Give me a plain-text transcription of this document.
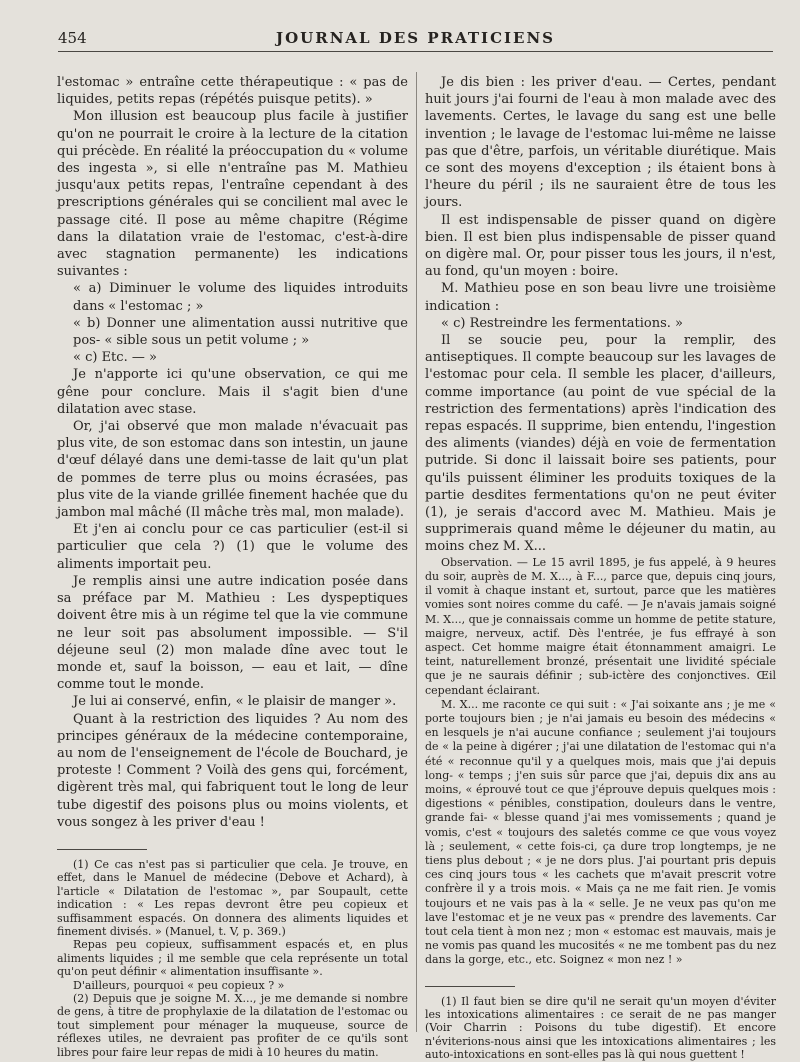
454	JOURNAL DES PRATICIENS

l'estomac » entraîne cette thérapeutique : « pas de liquides, petits repas (répétés puisque petits). »

Mon illusion est beaucoup plus facile à justifier qu'on ne pourrait le croire à la lecture de la citation qui précède. En réalité la préoccupation du « volume des ingesta », si elle n'entraîne pas M. Mathieu jusqu'aux petits repas, l'entraîne cependant à des prescriptions générales qui se concilient mal avec le passage cité. Il pose au même chapitre (Régime dans la dilatation vraie de l'estomac, c'est-à-dire avec stagnation permanente) les indications suivantes :

« a) Diminuer le volume des liquides introduits dans « l'estomac ; »

« b) Donner une alimentation aussi nutritive que pos- « sible sous un petit volume ; »

« c) Etc. — »

Je n'apporte ici qu'une observation, ce qui me gêne pour conclure. Mais il s'agit bien d'une dilatation avec stase.

Or, j'ai observé que mon malade n'évacuait pas plus vite, de son estomac dans son intestin, un jaune d'œuf délayé dans une demi-tasse de lait qu'un plat de pommes de terre plus ou moins écrasées, pas plus vite de la viande grillée finement hachée que du jambon mal mâché (Il mâche très mal, mon malade).

Et j'en ai conclu pour ce cas particulier (est-il si particulier que cela ?) (1) que le volume des aliments importait peu.

Je remplis ainsi une autre indication posée dans sa préface par M. Mathieu : Les dyspeptiques doivent être mis à un régime tel que la vie commune ne leur soit pas absolument impossible. — S'il déjeune seul (2) mon malade dîne avec tout le monde et, sauf la boisson, — eau et lait, — dîne comme tout le monde.

Je lui ai conservé, enfin, « le plaisir de manger ».

Quant à la restriction des liquides ? Au nom des principes généraux de la médecine contemporaine, au nom de l'enseignement de l'école de Bouchard, je proteste ! Comment ? Voilà des gens qui, forcément, digèrent très mal, qui fabriquent tout le long de leur tube digestif des poisons plus ou moins violents, et vous songez à les priver d'eau !

(1) Ce cas n'est pas si particulier que cela. Je trouve, en effet, dans le Manuel de médecine (Debove et Achard), à l'article « Dilatation de l'estomac », par Soupault, cette indication : « Les repas devront être peu copieux et suffisamment espacés. On donnera des aliments liquides et finement divisés. » (Manuel, t. V, p. 369.)

Repas peu copieux, suffisamment espacés et, en plus aliments liquides ; il me semble que cela représente un total qu'on peut définir « alimentation insuffisante ».

D'ailleurs, pourquoi « peu copieux ? »

(2) Depuis que je soigne M. X..., je me demande si nombre de gens, à titre de prophylaxie de la dilatation de l'estomac ou tout simplement pour ménager la muqueuse, source de réflexes utiles, ne devraient pas profiter de ce qu'ils sont libres pour faire leur repas de midi à 10 heures du matin.

Je dis bien : les priver d'eau. — Certes, pendant huit jours j'ai fourni de l'eau à mon malade avec des lavements. Certes, le lavage du sang est une belle invention ; le lavage de l'estomac lui-même ne laisse pas que d'être, parfois, un véritable diurétique. Mais ce sont des moyens d'exception ; ils étaient bons à l'heure du péril ; ils ne sauraient être de tous les jours.

Il est indispensable de pisser quand on digère bien. Il est bien plus indispensable de pisser quand on digère mal. Or, pour pisser tous les jours, il n'est, au fond, qu'un moyen : boire.

M. Mathieu pose en son beau livre une troisième indication :

« c) Restreindre les fermentations. »

Il se soucie peu, pour la remplir, des antiseptiques. Il compte beaucoup sur les lavages de l'estomac pour cela. Il semble les placer, d'ailleurs, comme importance (au point de vue spécial de la restriction des fermentations) après l'indication des repas espacés. Il supprime, bien entendu, l'ingestion des aliments (viandes) déjà en voie de fermentation putride. Si donc il laissait boire ses patients, pour qu'ils puissent éliminer les produits toxiques de la partie desdites fermentations qu'on ne peut éviter (1), je serais d'accord avec M. Mathieu. Mais je supprimerais quand même le déjeuner du matin, au moins chez M. X...

Observation. — Le 15 avril 1895, je fus appelé, à 9 heures du soir, auprès de M. X..., à F..., parce que, depuis cinq jours, il vomit à chaque instant et, surtout, parce que les matières vomies sont noires comme du café. — Je n'avais jamais soigné M. X..., que je connaissais comme un homme de petite stature, maigre, nerveux, actif. Dès l'entrée, je fus effrayé à son aspect. Cet homme maigre était étonnamment amaigri. Le teint, naturellement bronzé, présentait une lividité spéciale que je ne saurais définir ; sub-ictère des conjonctives. Œil cependant éclairant.

M. X... me raconte ce qui suit : « J'ai soixante ans ; je me « porte toujours bien ; je n'ai jamais eu besoin des médecins « en lesquels je n'ai aucune confiance ; seulement j'ai toujours de « la peine à digérer ; j'ai une dilatation de l'estomac qui n'a été « reconnue qu'il y a quelques mois, mais que j'ai depuis long- « temps ; j'en suis sûr parce que j'ai, depuis dix ans au moins, « éprouvé tout ce que j'éprouve depuis quelques mois : digestions « pénibles, constipation, douleurs dans le ventre, grande fai- « blesse quand j'ai mes vomissements ; quand je vomis, c'est « toujours des saletés comme ce que vous voyez là ; seulement, « cette fois-ci, ça dure trop longtemps, je ne tiens plus debout ; « je ne dors plus. J'ai pourtant pris depuis ces cinq jours tous « les cachets que m'avait prescrit votre confrère il y a trois mois. « Mais ça ne me fait rien. Je vomis toujours et ne vais pas à la « selle. Je ne veux pas qu'on me lave l'estomac et je ne veux pas « prendre des lavements. Car tout cela tient à mon nez ; mon « estomac est mauvais, mais je ne vomis pas quand les mucosités « ne me tombent pas du nez dans la gorge, etc., etc. Soignez « mon nez ! »

(1) Il faut bien se dire qu'il ne serait qu'un moyen d'éviter les intoxications alimentaires : ce serait de ne pas manger (Voir Charrin : Poisons du tube digestif). Et encore n'éviterions-nous ainsi que les intoxications alimentaires ; les auto-intoxications en sont-elles pas là qui nous guettent !
